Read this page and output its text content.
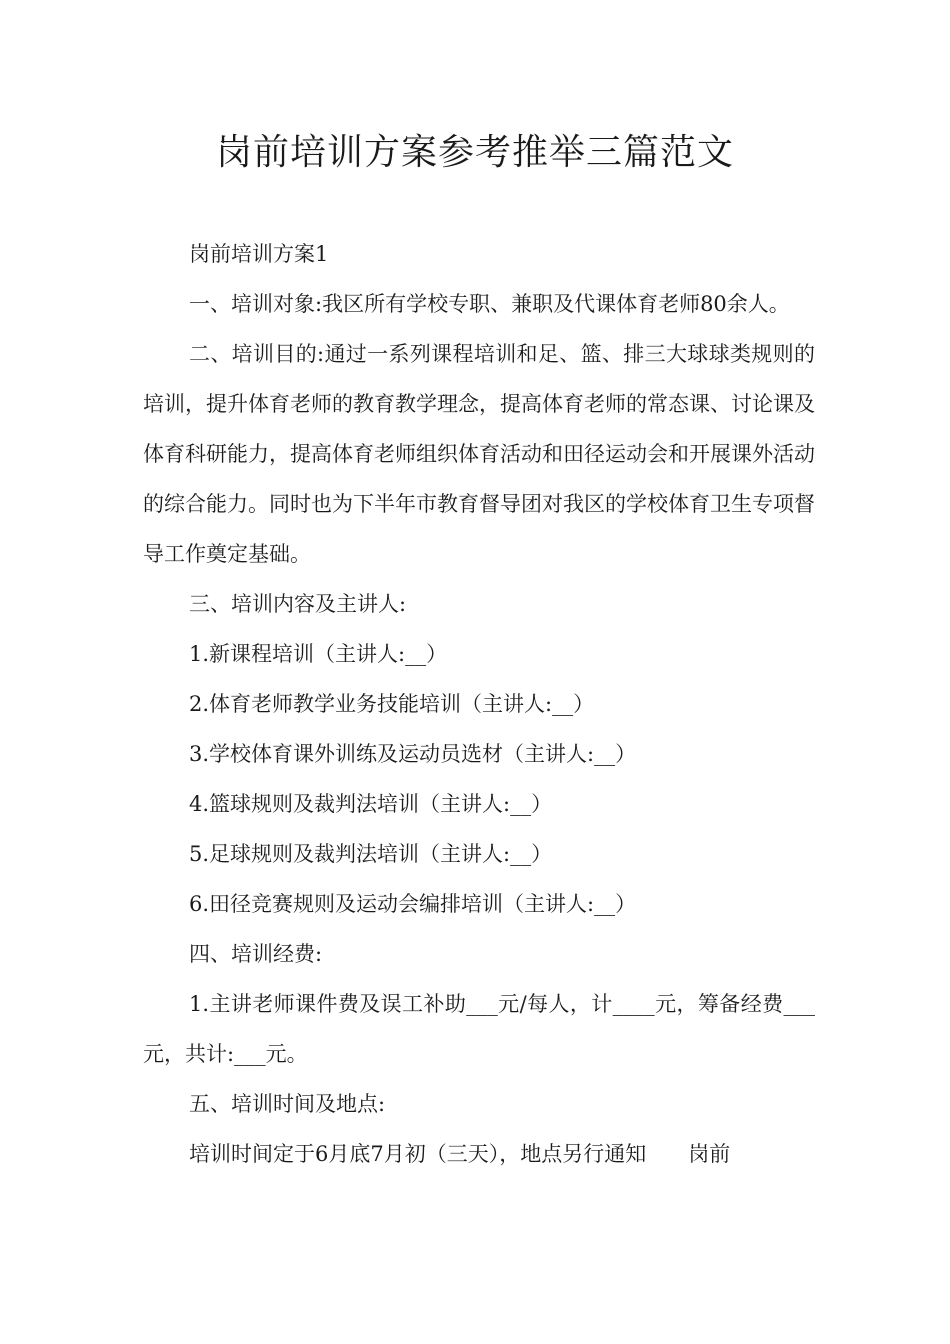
岗前培训方案参考推举三篇范文

岗前培训方案1

一、培训对象:我区所有学校专职、兼职及代课体育老师80余人。

二、培训目的:通过一系列课程培训和足、篮、排三大球球类规则的培训，提升体育老师的教育教学理念，提高体育老师的常态课、讨论课及体育科研能力，提高体育老师组织体育活动和田径运动会和开展课外活动的综合能力。同时也为下半年市教育督导团对我区的学校体育卫生专项督导工作奠定基础。

三、培训内容及主讲人:

1.新课程培训（主讲人:__）

2.体育老师教学业务技能培训（主讲人:__）

3.学校体育课外训练及运动员选材（主讲人:__）

4.篮球规则及裁判法培训（主讲人:__）

5.足球规则及裁判法培训（主讲人:__）

6.田径竞赛规则及运动会编排培训（主讲人:__）

四、培训经费:

1.主讲老师课件费及误工补助___元/每人，计____元，筹备经费___元，共计:___元。

五、培训时间及地点:

培训时间定于6月底7月初（三天），地点另行通知　　岗前
